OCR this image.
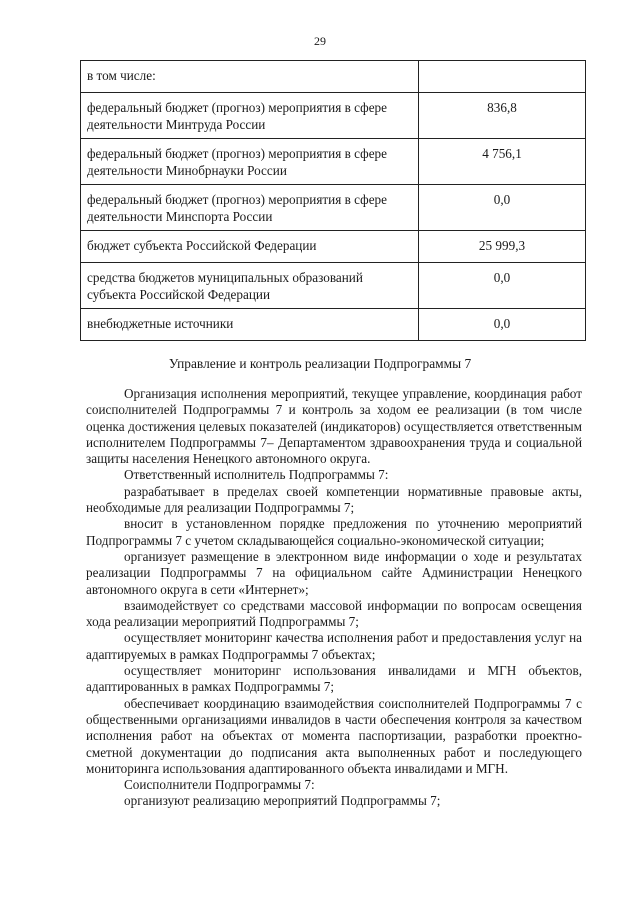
29
в том числе:	
федеральный бюджет (прогноз) мероприятия в сфере деятельности Минтруда России	836,8
федеральный бюджет (прогноз) мероприятия в сфере деятельности Минобрнауки России	4 756,1
федеральный бюджет (прогноз) мероприятия в сфере деятельности Минспорта России	0,0
бюджет субъекта Российской Федерации	25 999,3
средства бюджетов муниципальных образований субъекта Российской Федерации	0,0
внебюджетные источники	0,0
Управление и контроль реализации Подпрограммы 7

Организация исполнения мероприятий, текущее управление, координация работ соисполнителей Подпрограммы 7 и контроль за ходом ее реализации (в том числе оценка достижения целевых показателей (индикаторов) осуществляется ответственным исполнителем Подпрограммы 7– Департаментом здравоохранения труда и социальной защиты населения Ненецкого автономного округа.

Ответственный исполнитель Подпрограммы 7:

разрабатывает в пределах своей компетенции нормативные правовые акты, необходимые для реализации Подпрограммы 7;

вносит в установленном порядке предложения по уточнению мероприятий Подпрограммы 7 с учетом складывающейся социально-экономической ситуации;

организует размещение в электронном виде информации о ходе и результатах реализации Подпрограммы 7 на официальном сайте Администрации Ненецкого автономного округа в сети «Интернет»;

взаимодействует со средствами массовой информации по вопросам освещения хода реализации мероприятий Подпрограммы 7;

осуществляет мониторинг качества исполнения работ и предоставления услуг на адаптируемых в рамках Подпрограммы 7 объектах;

осуществляет мониторинг использования инвалидами и МГН объектов, адаптированных в рамках Подпрограммы 7;

обеспечивает координацию взаимодействия соисполнителей Подпрограммы 7 с общественными организациями инвалидов в части обеспечения контроля за качеством исполнения работ на объектах от момента паспортизации, разработки проектно-сметной документации до подписания акта выполненных работ и последующего мониторинга использования адаптированного объекта инвалидами и МГН.

Соисполнители Подпрограммы 7:

организуют реализацию мероприятий Подпрограммы 7;
